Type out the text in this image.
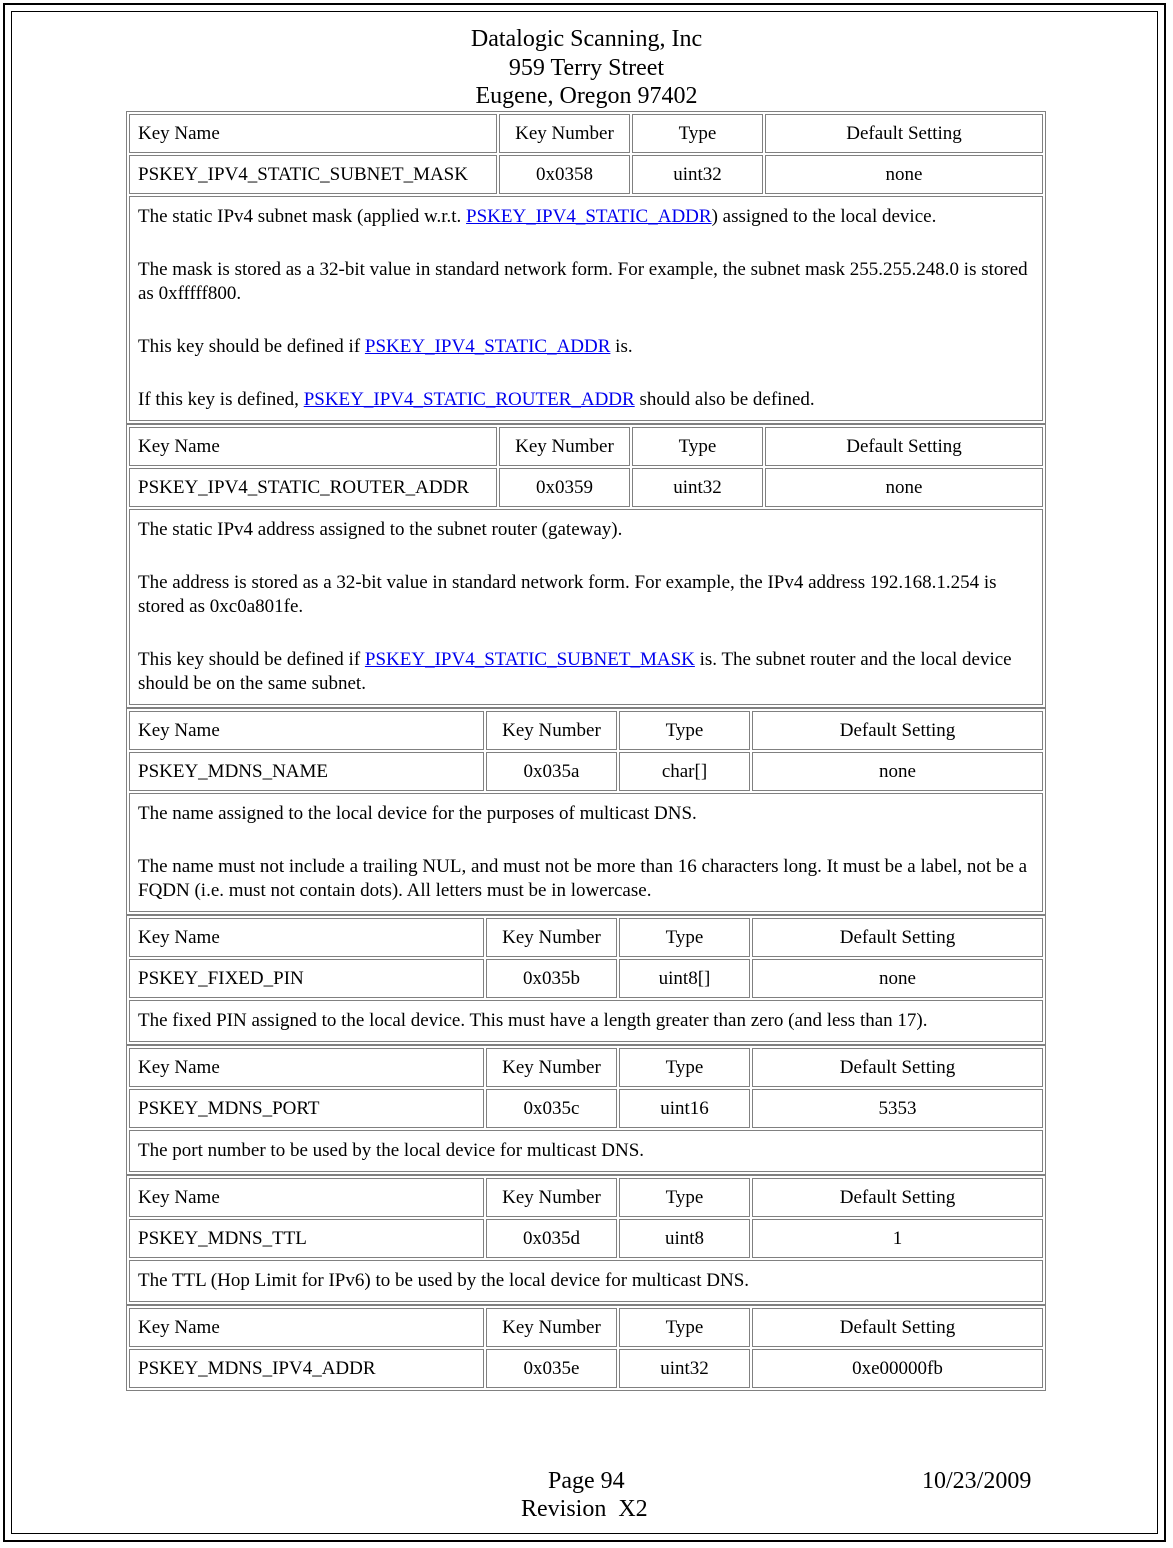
Datalogic Scanning, Inc
959 Terry Street
Eugene, Oregon 97402
Key Name	Key Number	Type	Default Setting
PSKEY_IPV4_STATIC_SUBNET_MASK	0x0358	uint32	none

The static IPv4 subnet mask (applied w.r.t. PSKEY_IPV4_STATIC_ADDR) assigned to the local device.

The mask is stored as a 32-bit value in standard network form. For example, the subnet mask 255.255.248.0 is stored as 0xfffff800.

This key should be defined if PSKEY_IPV4_STATIC_ADDR is.

If this key is defined, PSKEY_IPV4_STATIC_ROUTER_ADDR should also be defined.			

Key Name	Key Number	Type	Default Setting
PSKEY_IPV4_STATIC_ROUTER_ADDR	0x0359	uint32	none

The static IPv4 address assigned to the subnet router (gateway).

The address is stored as a 32-bit value in standard network form. For example, the IPv4 address 192.168.1.254 is stored as 0xc0a801fe.

This key should be defined if PSKEY_IPV4_STATIC_SUBNET_MASK is. The subnet router and the local device should be on the same subnet.			

Key Name	Key Number	Type	Default Setting
PSKEY_MDNS_NAME	0x035a	char[]	none

The name assigned to the local device for the purposes of multicast DNS.

The name must not include a trailing NUL, and must not be more than 16 characters long. It must be a label, not be a FQDN (i.e. must not contain dots). All letters must be in lowercase.			

Key Name	Key Number	Type	Default Setting
PSKEY_FIXED_PIN	0x035b	uint8[]	none

The fixed PIN assigned to the local device. This must have a length greater than zero (and less than 17).			

Key Name	Key Number	Type	Default Setting
PSKEY_MDNS_PORT	0x035c	uint16	5353

The port number to be used by the local device for multicast DNS.			

Key Name	Key Number	Type	Default Setting
PSKEY_MDNS_TTL	0x035d	uint8	1

The TTL (Hop Limit for IPv6) to be used by the local device for multicast DNS.			

Key Name	Key Number	Type	Default Setting
PSKEY_MDNS_IPV4_ADDR	0x035e	uint32	0xe00000fb
Page 94	10/23/2009
Revision  X2
